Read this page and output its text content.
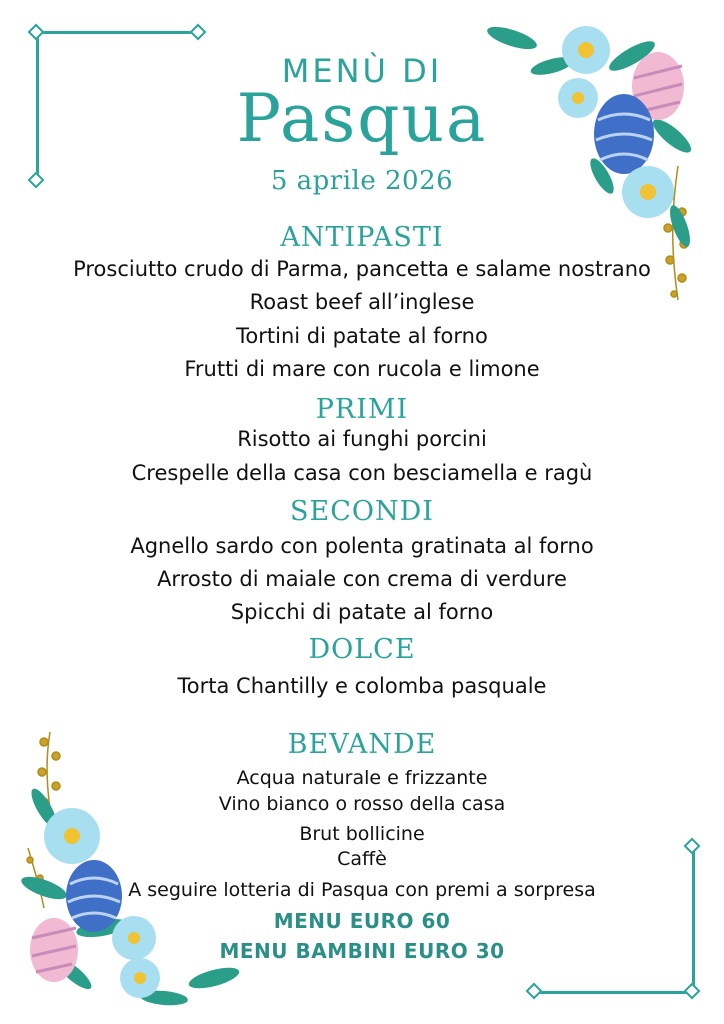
MENÙ DI
Pasqua
5 aprile 2026
ANTIPASTI
Prosciutto crudo di Parma, pancetta e salame nostrano
Roast beef all’inglese
Tortini di patate al forno
Frutti di mare con rucola e limone
PRIMI
Risotto ai funghi porcini
Crespelle della casa con besciamella e ragù
SECONDI
Agnello sardo con polenta gratinata al forno
Arrosto di maiale con crema di verdure
Spicchi di patate al forno
DOLCE
Torta Chantilly e colomba pasquale
BEVANDE
Acqua naturale e frizzante
Vino bianco o rosso della casa
Brut bollicine
Caffè
A seguire lotteria di Pasqua con premi a sorpresa
MENU EURO 60
MENU BAMBINI EURO 30
